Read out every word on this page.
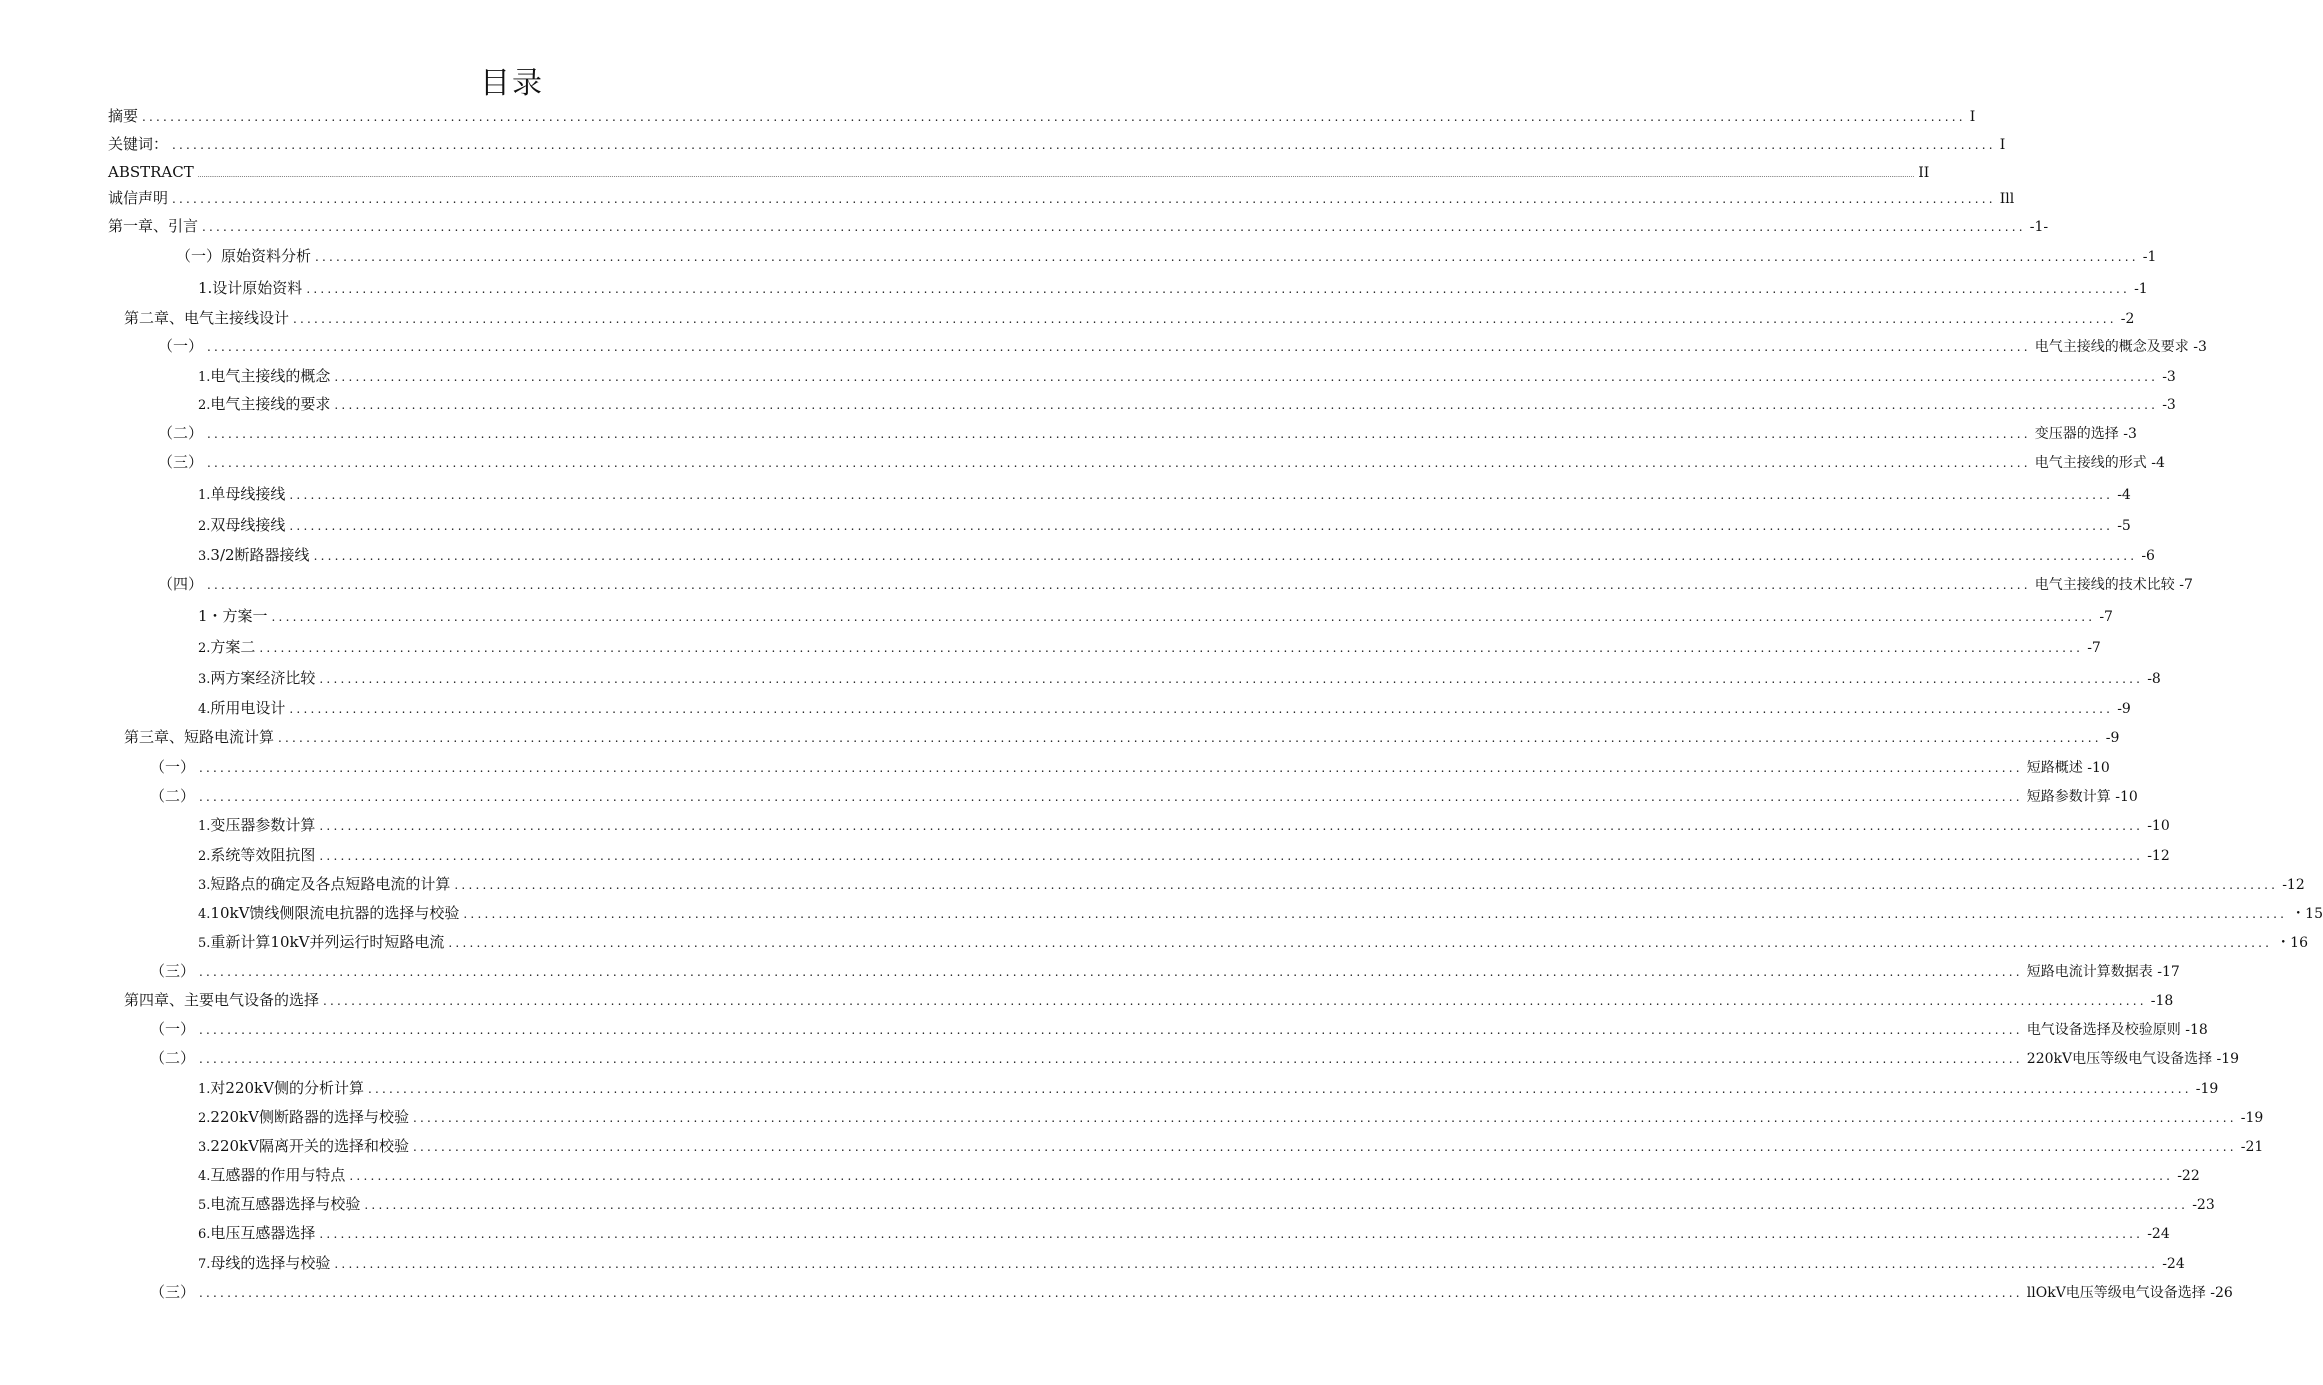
目录
摘要 .................................................................................................................................................................................................................................................................... I
关键词： .................................................................................................................................................................................................................................................................... I
ABSTRACT .................................................................................................................................................................................................................................................................................................................................................................................................................................................................................................................................................................................................................................................................................................................................................................................................................................................................................................................................... II
诚信声明 .................................................................................................................................................................................................................................................................... Ill
第一章、引言 .................................................................................................................................................................................................................................................................... -1-
（一）原始资料分析 .................................................................................................................................................................................................................................................................... -1
1.设计原始资料 .................................................................................................................................................................................................................................................................... -1
第二章、电气主接线设计 .................................................................................................................................................................................................................................................................... -2
（一） .................................................................................................................................................................................................................................................................... 电气主接线的概念及要求 -3
1. 电气主接线的概念 .................................................................................................................................................................................................................................................................... -3
2. 电气主接线的要求 .................................................................................................................................................................................................................................................................... -3
（二） .................................................................................................................................................................................................................................................................... 变压器的选择 -3
（三） .................................................................................................................................................................................................................................................................... 电气主接线的形式 -4
1. 单母线接线 .................................................................................................................................................................................................................................................................... -4
2. 双母线接线 .................................................................................................................................................................................................................................................................... -5
3. 3/2断路器接线 .................................................................................................................................................................................................................................................................... -6
（四） .................................................................................................................................................................................................................................................................... 电气主接线的技术比较 -7
1・方案一 .................................................................................................................................................................................................................................................................... -7
2. 方案二 .................................................................................................................................................................................................................................................................... -7
3. 两方案经济比较 .................................................................................................................................................................................................................................................................... -8
4. 所用电设计 .................................................................................................................................................................................................................................................................... -9
第三章、短路电流计算 .................................................................................................................................................................................................................................................................... -9
（一） .................................................................................................................................................................................................................................................................... 短路概述 -10
（二） .................................................................................................................................................................................................................................................................... 短路参数计算 -10
1. 变压器参数计算 .................................................................................................................................................................................................................................................................... -10
2. 系统等效阻抗图 .................................................................................................................................................................................................................................................................... -12
3. 短路点的确定及各点短路电流的计算 .................................................................................................................................................................................................................................................................... -12
4. 10kV馈线侧限流电抗器的选择与校验 .................................................................................................................................................................................................................................................................... ・15
5. 重新计算10kV并列运行时短路电流 .................................................................................................................................................................................................................................................................... ・16
（三） .................................................................................................................................................................................................................................................................... 短路电流计算数据表 -17
第四章、主要电气设备的选择 .................................................................................................................................................................................................................................................................... -18
（一） .................................................................................................................................................................................................................................................................... 电气设备选择及校验原则 -18
（二） .................................................................................................................................................................................................................................................................... 220kV电压等级电气设备选择 -19
1. 对220kV侧的分析计算 .................................................................................................................................................................................................................................................................... -19
2. 220kV侧断路器的选择与校验 .................................................................................................................................................................................................................................................................... -19
3. 220kV隔离开关的选择和校验 .................................................................................................................................................................................................................................................................... -21
4. 互感器的作用与特点 .................................................................................................................................................................................................................................................................... -22
5. 电流互感器选择与校验 .................................................................................................................................................................................................................................................................... -23
6. 电压互感器选择 .................................................................................................................................................................................................................................................................... -24
7. 母线的选择与校验 .................................................................................................................................................................................................................................................................... -24
（三） .................................................................................................................................................................................................................................................................... llOkV电压等级电气设备选择 -26
